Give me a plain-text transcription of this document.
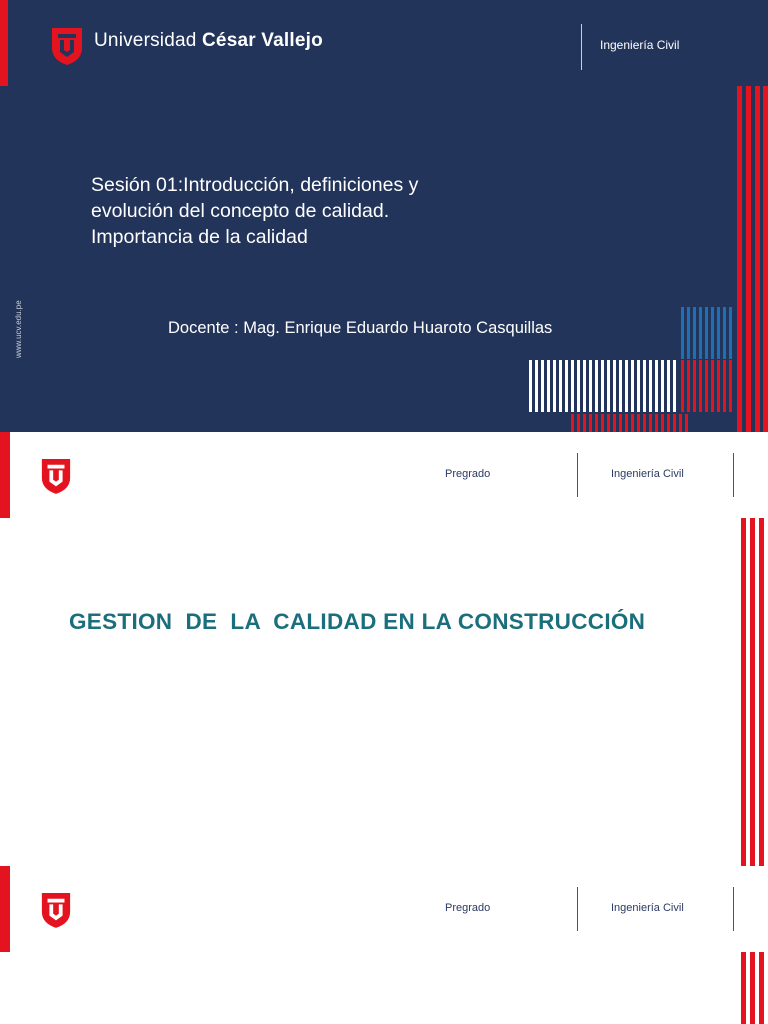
Universidad César Vallejo	Ingeniería Civil
Sesión 01:Introducción, definiciones y
evolución del concepto de calidad.
Importancia de la calidad
Docente : Mag. Enrique Eduardo Huaroto Casquillas
www.ucv.edu.pe
Pregrado	Ingeniería Civil
GESTION  DE  LA  CALIDAD EN LA CONSTRUCCIÓN
Pregrado	Ingeniería Civil
